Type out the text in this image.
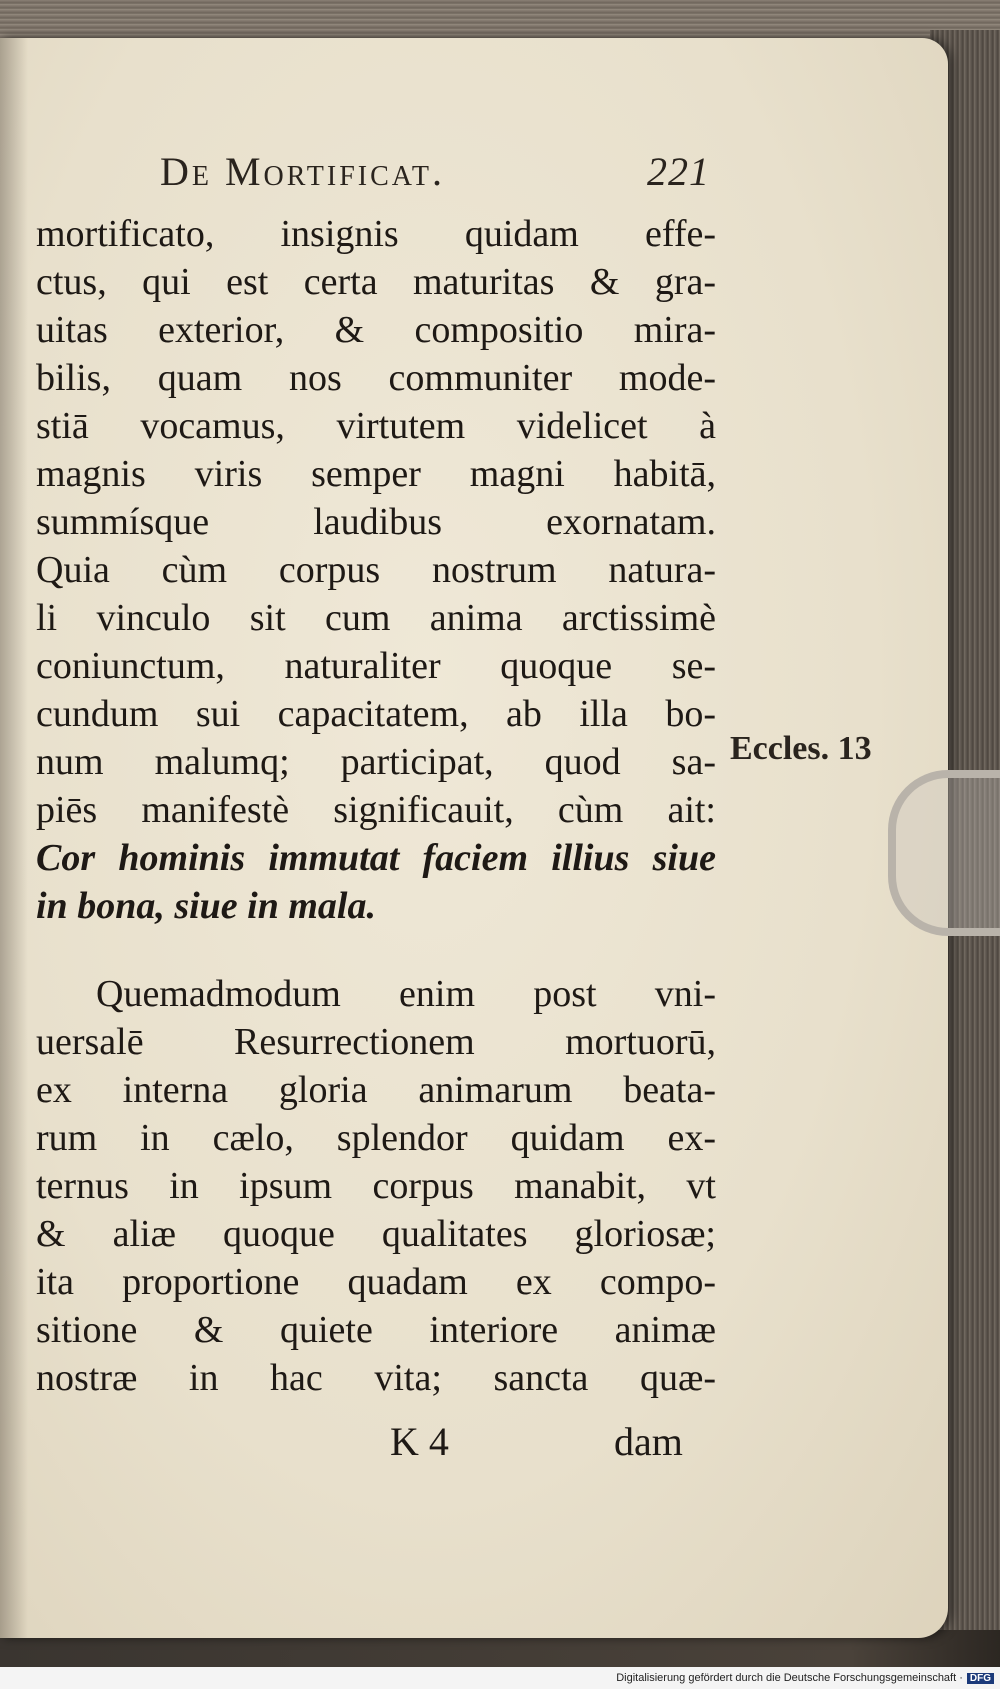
De Mortificat.	221
mortificato, insignis quidam effe-
ctus, qui est certa maturitas & gra-
uitas exterior, & compositio mira-
bilis, quam nos communiter mode-
stiā vocamus, virtutem videlicet à
magnis viris semper magni habitā,
summísque laudibus exornatam.
Quia cùm corpus nostrum natura-
li vinculo sit cum anima arctissimè
coniunctum, naturaliter quoque se-
cundum sui capacitatem, ab illa bo-
num malumq; participat, quod sa-
piēs manifestè significauit, cùm ait:
Cor hominis immutat faciem illius siue
in bona, siue in mala.
Quemadmodum enim post vni-
uersalē Resurrectionem mortuorū,
ex interna gloria animarum beata-
rum in cælo, splendor quidam ex-
ternus in ipsum corpus manabit, vt
& aliæ quoque qualitates gloriosæ;
ita proportione quadam ex compo-
sitione & quiete interiore animæ
nostræ in hac vita; sancta quæ-
Eccles. 13
K 4	dam
Digitalisierung gefördert durch die Deutsche Forschungsgemeinschaft · DFG
